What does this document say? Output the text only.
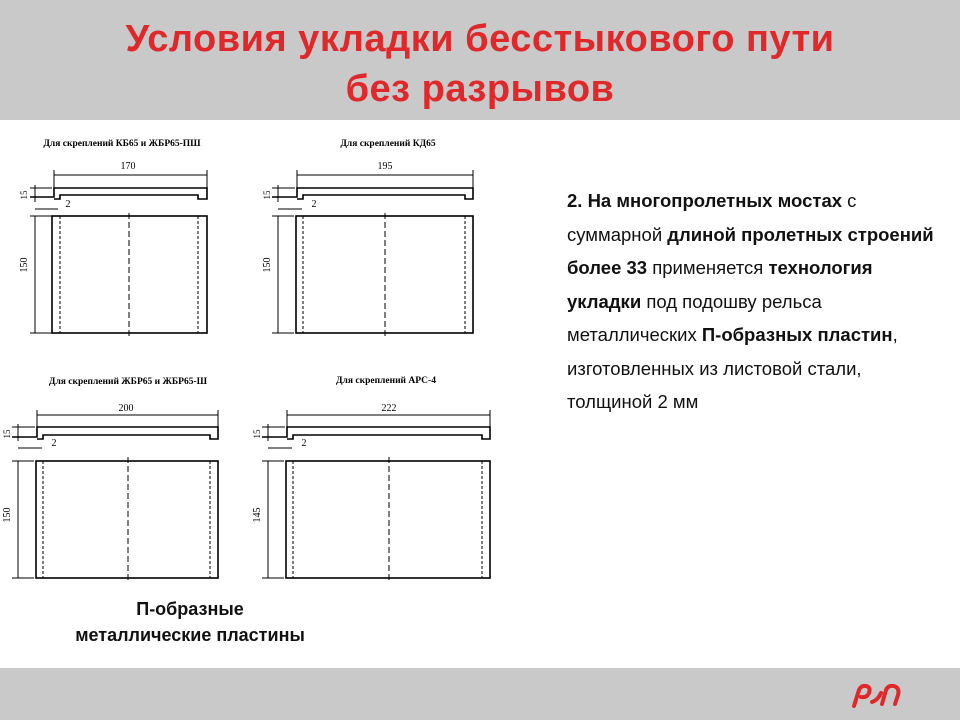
Условия укладки бесстыкового пути
без разрывов
Для скреплений КБ65 и ЖБР65-ПШ
170
15
2
150
Для скреплений КД65
195
15
2
150
Для скреплений ЖБР65 и ЖБР65-Ш
200
15
2
150
Для скреплений АРС-4
222
15
2
145
П-образные
металлические пластины
2. На многопролетных мостах с суммарной длиной пролетных строений более 33 применяется технология укладки под подошву рельса металлических П-образных пластин, изготовленных из листовой стали, толщиной 2 мм
